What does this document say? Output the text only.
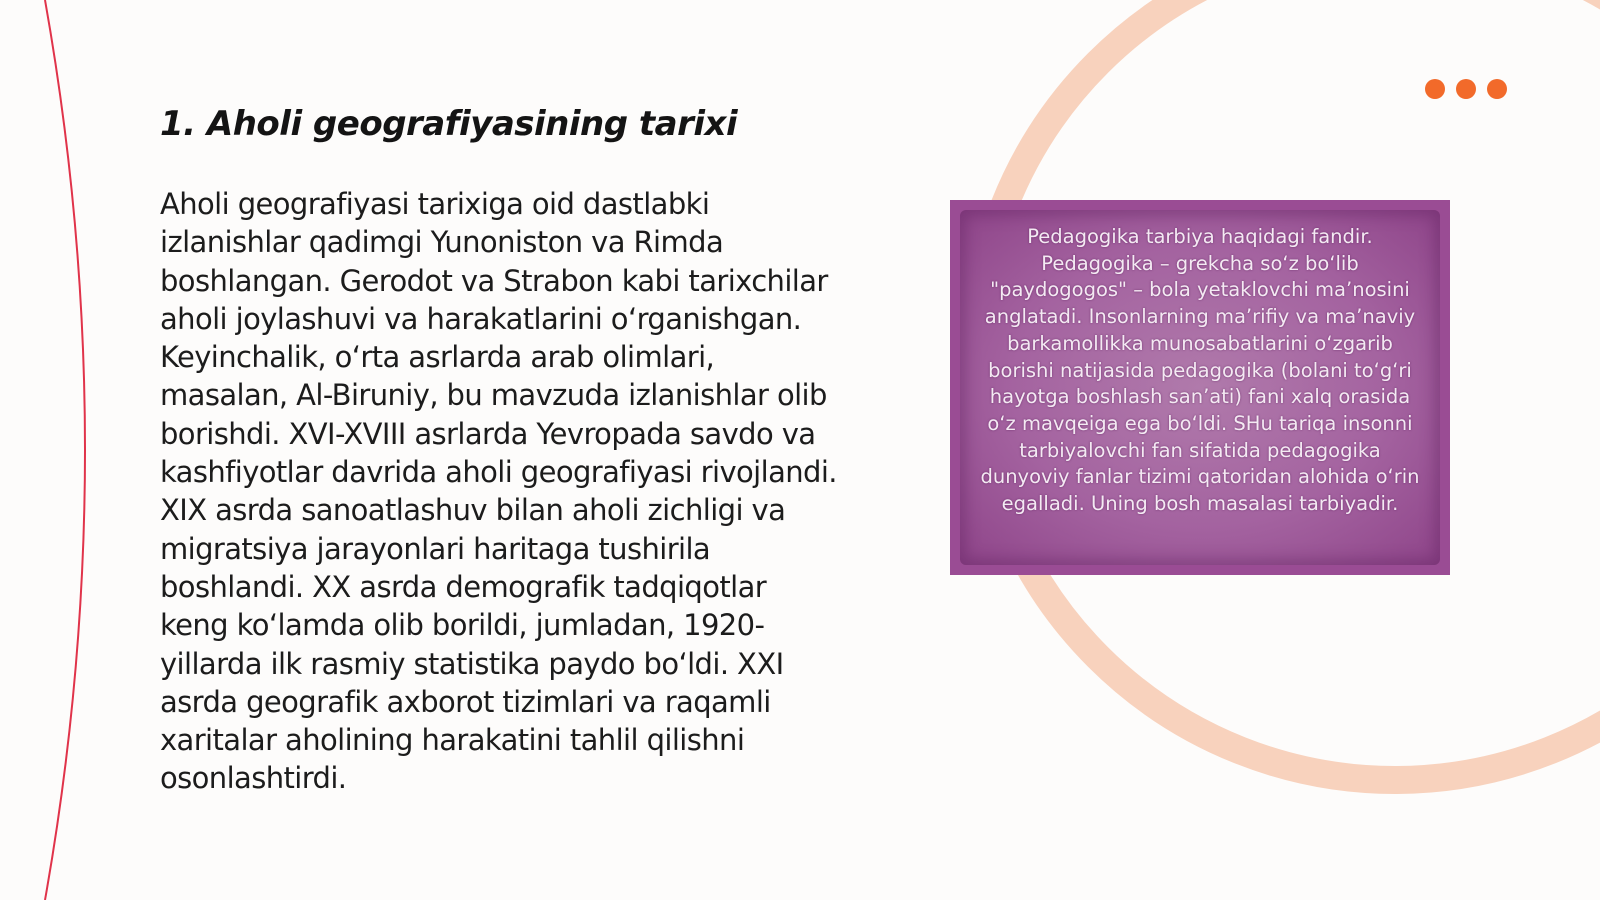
1. Aholi geografiyasining tarixi

Aholi geografiyasi tarixiga oid dastlabki izlanishlar qadimgi Yunoniston va Rimda boshlangan. Gerodot va Strabon kabi tarixchilar aholi joylashuvi va harakatlarini o‘rganishgan. Keyinchalik, o‘rta asrlarda arab olimlari, masalan, Al-Biruniy, bu mavzuda izlanishlar olib borishdi. XVI-XVIII asrlarda Yevropada savdo va kashfiyotlar davrida aholi geografiyasi rivojlandi. XIX asrda sanoatlashuv bilan aholi zichligi va migratsiya jarayonlari haritaga tushirila boshlandi. XX asrda demografik tadqiqotlar keng ko‘lamda olib borildi, jumladan, 1920-yillarda ilk rasmiy statistika paydo bo‘ldi. XXI asrda geografik axborot tizimlari va raqamli xaritalar aholining harakatini tahlil qilishni osonlashtirdi.

Pedagogika tarbiya haqidagi fandir. Pedagogika – grekcha so‘z bo‘lib "paydogogos" – bola yetaklovchi ma’nosini anglatadi. Insonlarning ma’rifiy va ma’naviy barkamollikka munosabatlarini o‘zgarib borishi natijasida pedagogika (bolani to‘g‘ri hayotga boshlash san’ati) fani xalq orasida o‘z mavqeiga ega bo‘ldi. SHu tariqa insonni tarbiyalovchi fan sifatida pedagogika dunyoviy fanlar tizimi qatoridan alohida o‘rin egalladi. Uning bosh masalasi tarbiyadir.
